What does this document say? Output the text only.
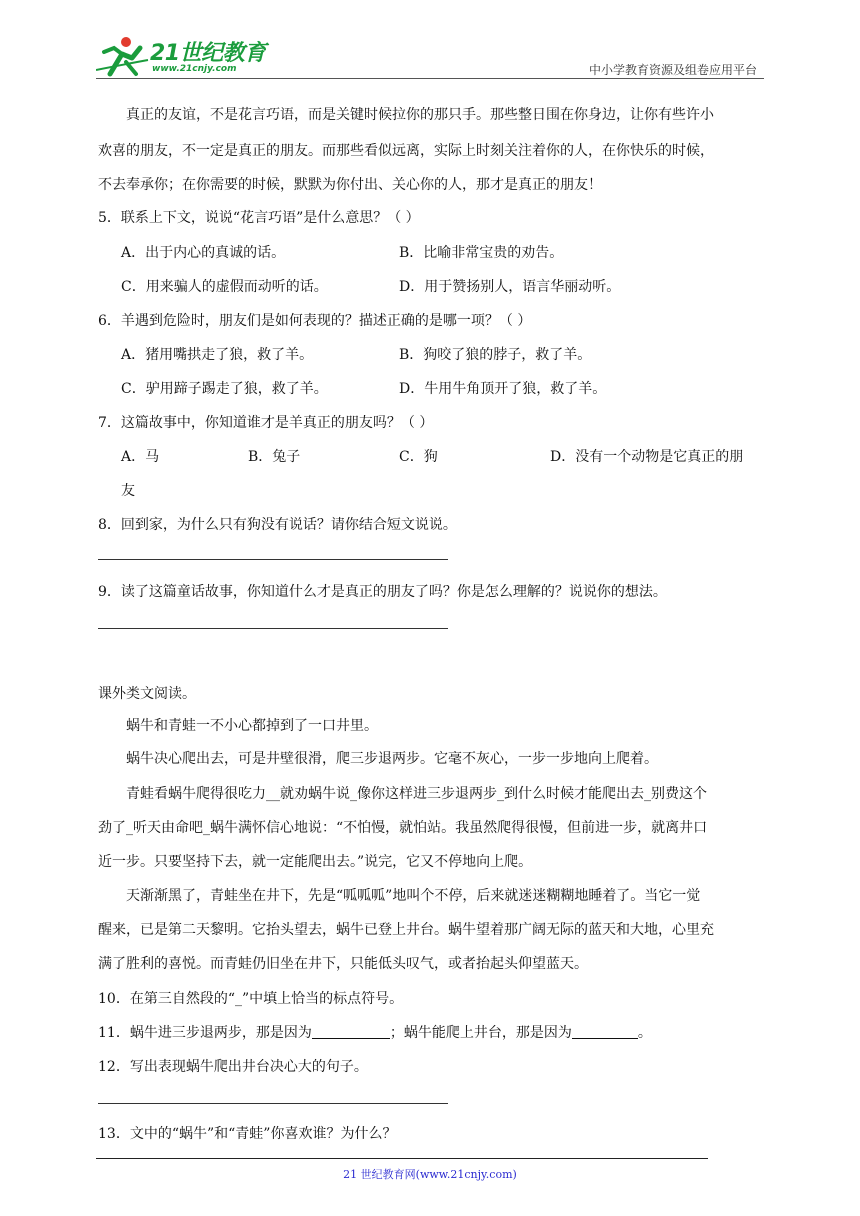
21世纪教育
www.21cnjy.com	中小学教育资源及组卷应用平台
真正的友谊，不是花言巧语，而是关键时候拉你的那只手。那些整日围在你身边，让你有些许小
欢喜的朋友，不一定是真正的朋友。而那些看似远离，实际上时刻关注着你的人，在你快乐的时候，
不去奉承你；在你需要的时候，默默为你付出、关心你的人，那才是真正的朋友！
5．联系上下文，说说“花言巧语”是什么意思？（ ）
A．出于内心的真诚的话。	B．比喻非常宝贵的劝告。
C．用来骗人的虚假而动听的话。	D．用于赞扬别人，语言华丽动听。
6．羊遇到危险时，朋友们是如何表现的？描述正确的是哪一项？（ ）
A．猪用嘴拱走了狼，救了羊。	B．狗咬了狼的脖子，救了羊。
C．驴用蹄子踢走了狼，救了羊。	D．牛用牛角顶开了狼，救了羊。
7．这篇故事中，你知道谁才是羊真正的朋友吗？（ ）
A．马	B．兔子	C．狗	D．没有一个动物是它真正的朋
友
8．回到家，为什么只有狗没有说话？请你结合短文说说。
9．读了这篇童话故事，你知道什么才是真正的朋友了吗？你是怎么理解的？说说你的想法。
课外类文阅读。
蜗牛和青蛙一不小心都掉到了一口井里。
蜗牛决心爬出去，可是井壁很滑，爬三步退两步。它毫不灰心，一步一步地向上爬着。
青蛙看蜗牛爬得很吃力__就劝蜗牛说_像你这样进三步退两步_到什么时候才能爬出去_别费这个
劲了_听天由命吧_蜗牛满怀信心地说：“不怕慢，就怕站。我虽然爬得很慢，但前进一步，就离井口
近一步。只要坚持下去，就一定能爬出去。”说完，它又不停地向上爬。
天渐渐黑了，青蛙坐在井下，先是“呱呱呱”地叫个不停，后来就迷迷糊糊地睡着了。当它一觉
醒来，已是第二天黎明。它抬头望去，蜗牛已登上井台。蜗牛望着那广阔无际的蓝天和大地，心里充
满了胜利的喜悦。而青蛙仍旧坐在井下，只能低头叹气，或者抬起头仰望蓝天。
10．在第三自然段的“_”中填上恰当的标点符号。
11．蜗牛进三步退两步，那是因为	；蜗牛能爬上井台，那是因为	。
12．写出表现蜗牛爬出井台决心大的句子。
13．文中的“蜗牛”和“青蛙”你喜欢谁？为什么？
21 世纪教育网(www.21cnjy.com)
